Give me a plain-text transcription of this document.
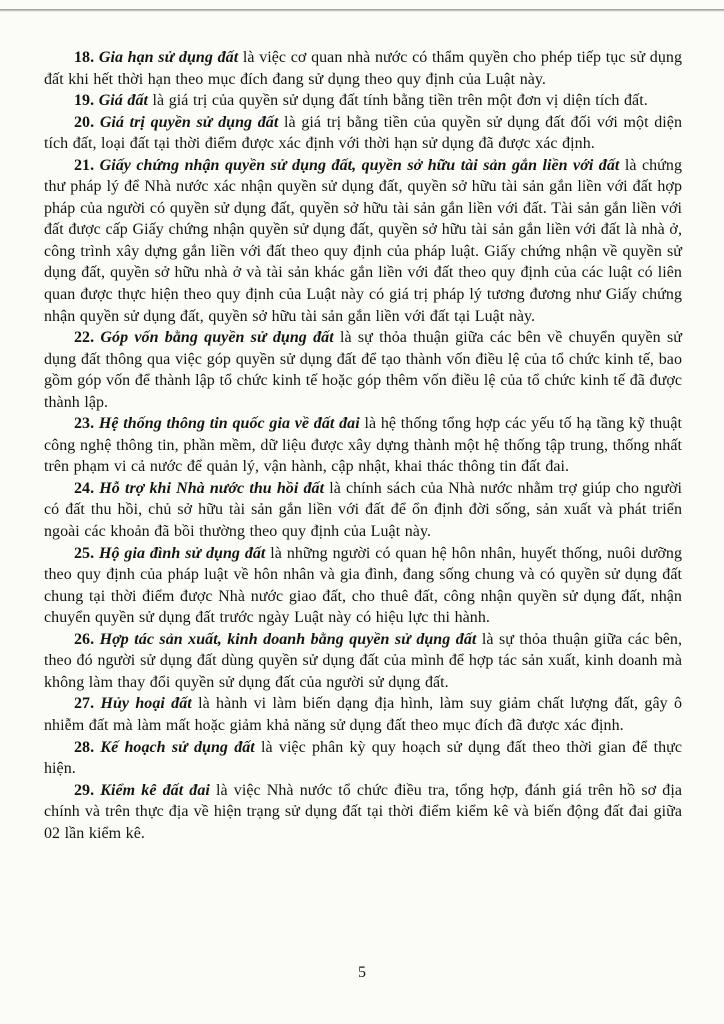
18. Gia hạn sử dụng đất là việc cơ quan nhà nước có thẩm quyền cho phép tiếp tục sử dụng đất khi hết thời hạn theo mục đích đang sử dụng theo quy định của Luật này.

19. Giá đất là giá trị của quyền sử dụng đất tính bằng tiền trên một đơn vị diện tích đất.

20. Giá trị quyền sử dụng đất là giá trị bằng tiền của quyền sử dụng đất đối với một diện tích đất, loại đất tại thời điểm được xác định với thời hạn sử dụng đã được xác định.

21. Giấy chứng nhận quyền sử dụng đất, quyền sở hữu tài sản gắn liền với đất là chứng thư pháp lý để Nhà nước xác nhận quyền sử dụng đất, quyền sở hữu tài sản gắn liền với đất hợp pháp của người có quyền sử dụng đất, quyền sở hữu tài sản gắn liền với đất. Tài sản gắn liền với đất được cấp Giấy chứng nhận quyền sử dụng đất, quyền sở hữu tài sản gắn liền với đất là nhà ở, công trình xây dựng gắn liền với đất theo quy định của pháp luật. Giấy chứng nhận về quyền sử dụng đất, quyền sở hữu nhà ở và tài sản khác gắn liền với đất theo quy định của các luật có liên quan được thực hiện theo quy định của Luật này có giá trị pháp lý tương đương như Giấy chứng nhận quyền sử dụng đất, quyền sở hữu tài sản gắn liền với đất tại Luật này.

22. Góp vốn bằng quyền sử dụng đất là sự thỏa thuận giữa các bên về chuyển quyền sử dụng đất thông qua việc góp quyền sử dụng đất để tạo thành vốn điều lệ của tổ chức kinh tế, bao gồm góp vốn để thành lập tổ chức kinh tế hoặc góp thêm vốn điều lệ của tổ chức kinh tế đã được thành lập.

23. Hệ thống thông tin quốc gia về đất đai là hệ thống tổng hợp các yếu tố hạ tầng kỹ thuật công nghệ thông tin, phần mềm, dữ liệu được xây dựng thành một hệ thống tập trung, thống nhất trên phạm vi cả nước để quản lý, vận hành, cập nhật, khai thác thông tin đất đai.

24. Hỗ trợ khi Nhà nước thu hồi đất là chính sách của Nhà nước nhằm trợ giúp cho người có đất thu hồi, chủ sở hữu tài sản gắn liền với đất để ổn định đời sống, sản xuất và phát triển ngoài các khoản đã bồi thường theo quy định của Luật này.

25. Hộ gia đình sử dụng đất là những người có quan hệ hôn nhân, huyết thống, nuôi dưỡng theo quy định của pháp luật về hôn nhân và gia đình, đang sống chung và có quyền sử dụng đất chung tại thời điểm được Nhà nước giao đất, cho thuê đất, công nhận quyền sử dụng đất, nhận chuyển quyền sử dụng đất trước ngày Luật này có hiệu lực thi hành.

26. Hợp tác sản xuất, kinh doanh bằng quyền sử dụng đất là sự thỏa thuận giữa các bên, theo đó người sử dụng đất dùng quyền sử dụng đất của mình để hợp tác sản xuất, kinh doanh mà không làm thay đổi quyền sử dụng đất của người sử dụng đất.

27. Hủy hoại đất là hành vi làm biến dạng địa hình, làm suy giảm chất lượng đất, gây ô nhiễm đất mà làm mất hoặc giảm khả năng sử dụng đất theo mục đích đã được xác định.

28. Kế hoạch sử dụng đất là việc phân kỳ quy hoạch sử dụng đất theo thời gian để thực hiện.

29. Kiểm kê đất đai là việc Nhà nước tổ chức điều tra, tổng hợp, đánh giá trên hồ sơ địa chính và trên thực địa về hiện trạng sử dụng đất tại thời điểm kiểm kê và biến động đất đai giữa 02 lần kiểm kê.

5
